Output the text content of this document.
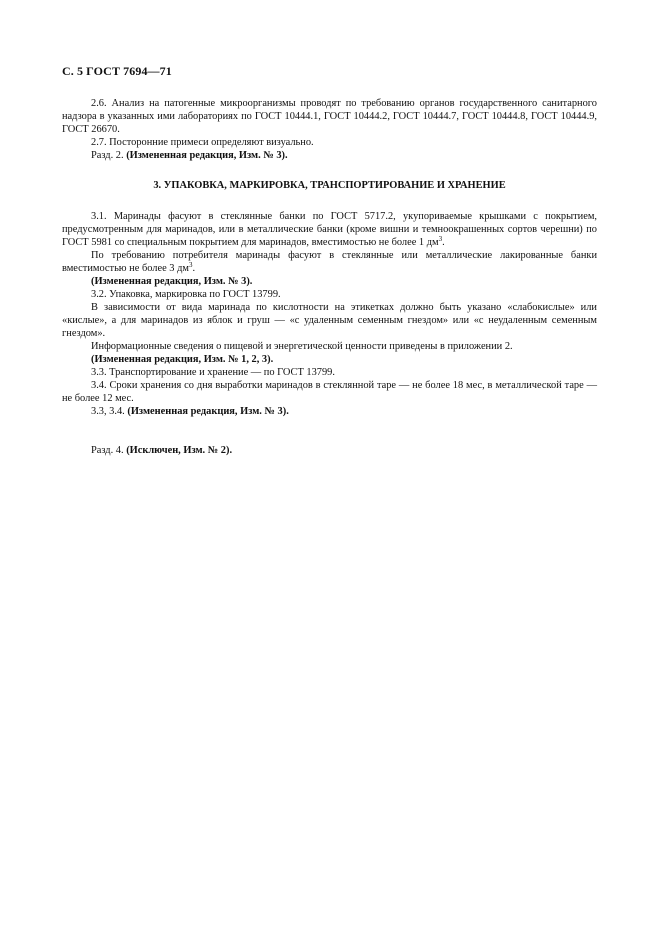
С. 5 ГОСТ 7694—71

2.6. Анализ на патогенные микроорганизмы проводят по требованию органов государственного санитарного надзора в указанных ими лабораториях по ГОСТ 10444.1, ГОСТ 10444.2, ГОСТ 10444.7, ГОСТ 10444.8, ГОСТ 10444.9, ГОСТ 26670.

2.7. Посторонние примеси определяют визуально.

Разд. 2. (Измененная редакция, Изм. № 3).

3. УПАКОВКА, МАРКИРОВКА, ТРАНСПОРТИРОВАНИЕ И ХРАНЕНИЕ

3.1. Маринады фасуют в стеклянные банки по ГОСТ 5717.2, укупориваемые крышками с покрытием, предусмотренным для маринадов, или в металлические банки (кроме вишни и темноокрашенных сортов черешни) по ГОСТ 5981 со специальным покрытием для маринадов, вместимостью не более 1 $дм^3$.

По требованию потребителя маринады фасуют в стеклянные или металлические лакированные банки вместимостью не более 3 $дм^3$.

(Измененная редакция, Изм. № 3).

3.2. Упаковка, маркировка по ГОСТ 13799.

В зависимости от вида маринада по кислотности на этикетках должно быть указано «слабокислые» или «кислые», а для маринадов из яблок и груш — «с удаленным семенным гнездом» или «с неудаленным семенным гнездом».

Информационные сведения о пищевой и энергетической ценности приведены в приложении 2.

(Измененная редакция, Изм. № 1, 2, 3).

3.3. Транспортирование и хранение — по ГОСТ 13799.

3.4. Сроки хранения со дня выработки маринадов в стеклянной таре — не более 18 мес, в металлической таре — не более 12 мес.

3.3, 3.4. (Измененная редакция, Изм. № 3).

Разд. 4. (Исключен, Изм. № 2).
